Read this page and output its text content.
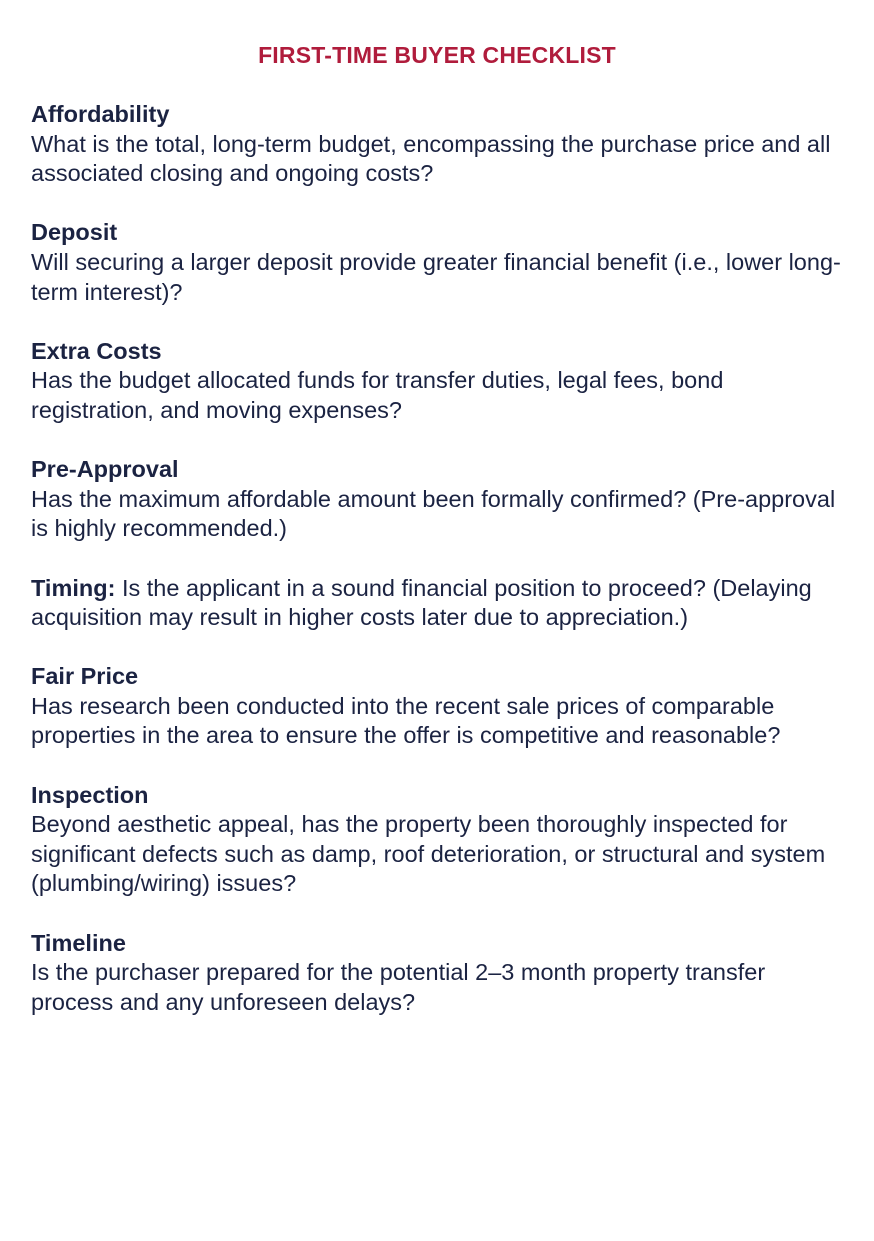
FIRST-TIME BUYER CHECKLIST
Affordability
What is the total, long-term budget, encompassing the purchase price and all associated closing and ongoing costs?
Deposit
Will securing a larger deposit provide greater financial benefit (i.e., lower long-term interest)?
Extra Costs
Has the budget allocated funds for transfer duties, legal fees, bond registration, and moving expenses?
Pre-Approval
Has the maximum affordable amount been formally confirmed? (Pre-approval is highly recommended.)
Timing: Is the applicant in a sound financial position to proceed? (Delaying acquisition may result in higher costs later due to appreciation.)
Fair Price
Has research been conducted into the recent sale prices of comparable properties in the area to ensure the offer is competitive and reasonable?
Inspection
Beyond aesthetic appeal, has the property been thoroughly inspected for significant defects such as damp, roof deterioration, or structural and system (plumbing/wiring) issues?
Timeline
Is the purchaser prepared for the potential 2–3 month property transfer process and any unforeseen delays?
